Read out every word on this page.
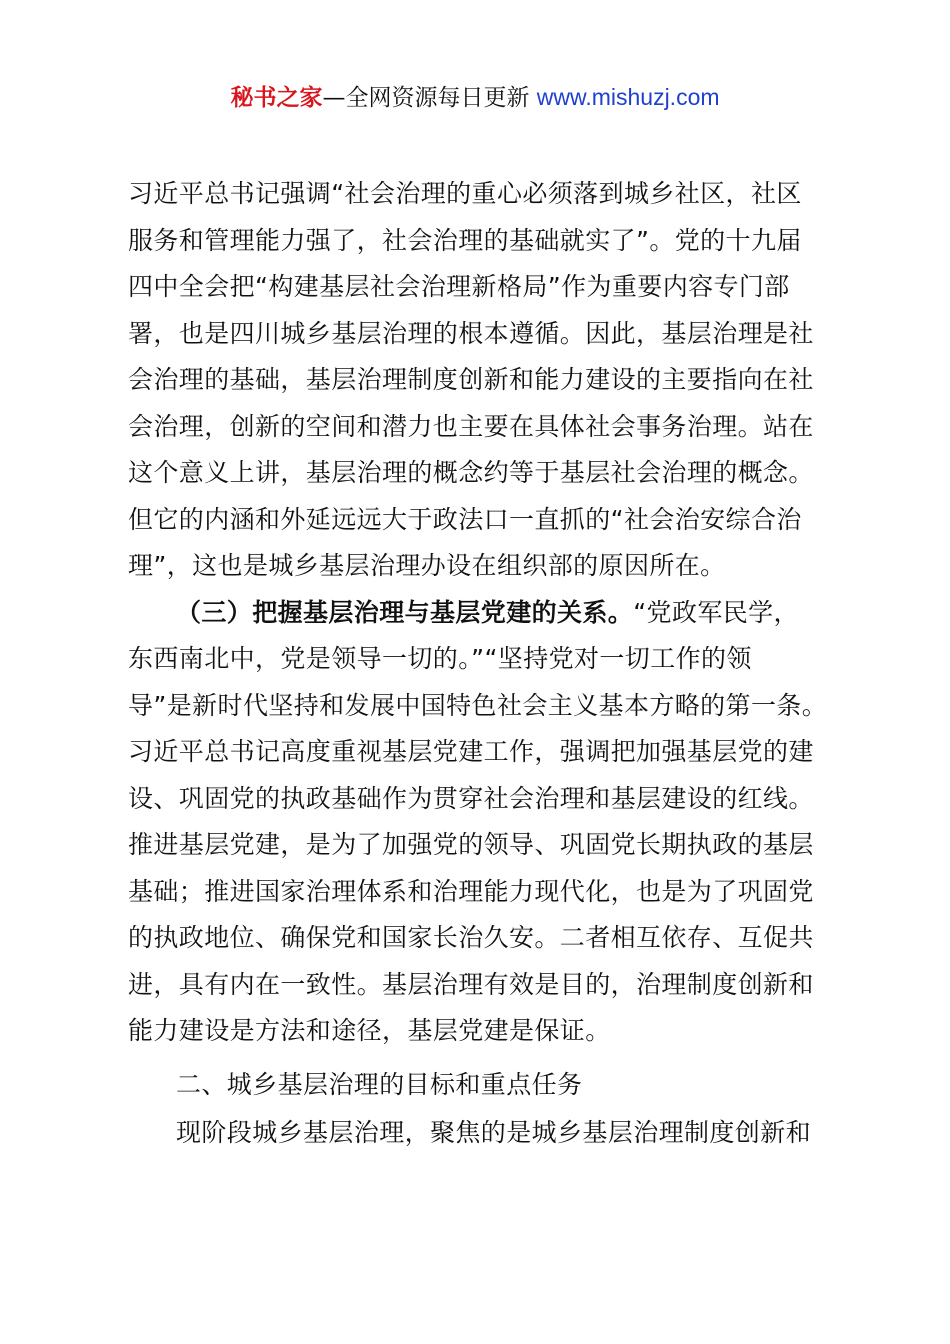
秘书之家—全网资源每日更新 www.mishuzj.com
习近平总书记强调“社会治理的重心必须落到城乡社区，社区
服务和管理能力强了，社会治理的基础就实了”。党的十九届
四中全会把“构建基层社会治理新格局”作为重要内容专门部
署，也是四川城乡基层治理的根本遵循。因此，基层治理是社
会治理的基础，基层治理制度创新和能力建设的主要指向在社
会治理，创新的空间和潜力也主要在具体社会事务治理。站在
这个意义上讲，基层治理的概念约等于基层社会治理的概念。
但它的内涵和外延远远大于政法口一直抓的“社会治安综合治
理”，这也是城乡基层治理办设在组织部的原因所在。
（三）把握基层治理与基层党建的关系。“党政军民学，
东西南北中，党是领导一切的。”“坚持党对一切工作的领
导”是新时代坚持和发展中国特色社会主义基本方略的第一条。
习近平总书记高度重视基层党建工作，强调把加强基层党的建
设、巩固党的执政基础作为贯穿社会治理和基层建设的红线。
推进基层党建，是为了加强党的领导、巩固党长期执政的基层
基础；推进国家治理体系和治理能力现代化，也是为了巩固党
的执政地位、确保党和国家长治久安。二者相互依存、互促共
进，具有内在一致性。基层治理有效是目的，治理制度创新和
能力建设是方法和途径，基层党建是保证。
二、城乡基层治理的目标和重点任务
现阶段城乡基层治理，聚焦的是城乡基层治理制度创新和
